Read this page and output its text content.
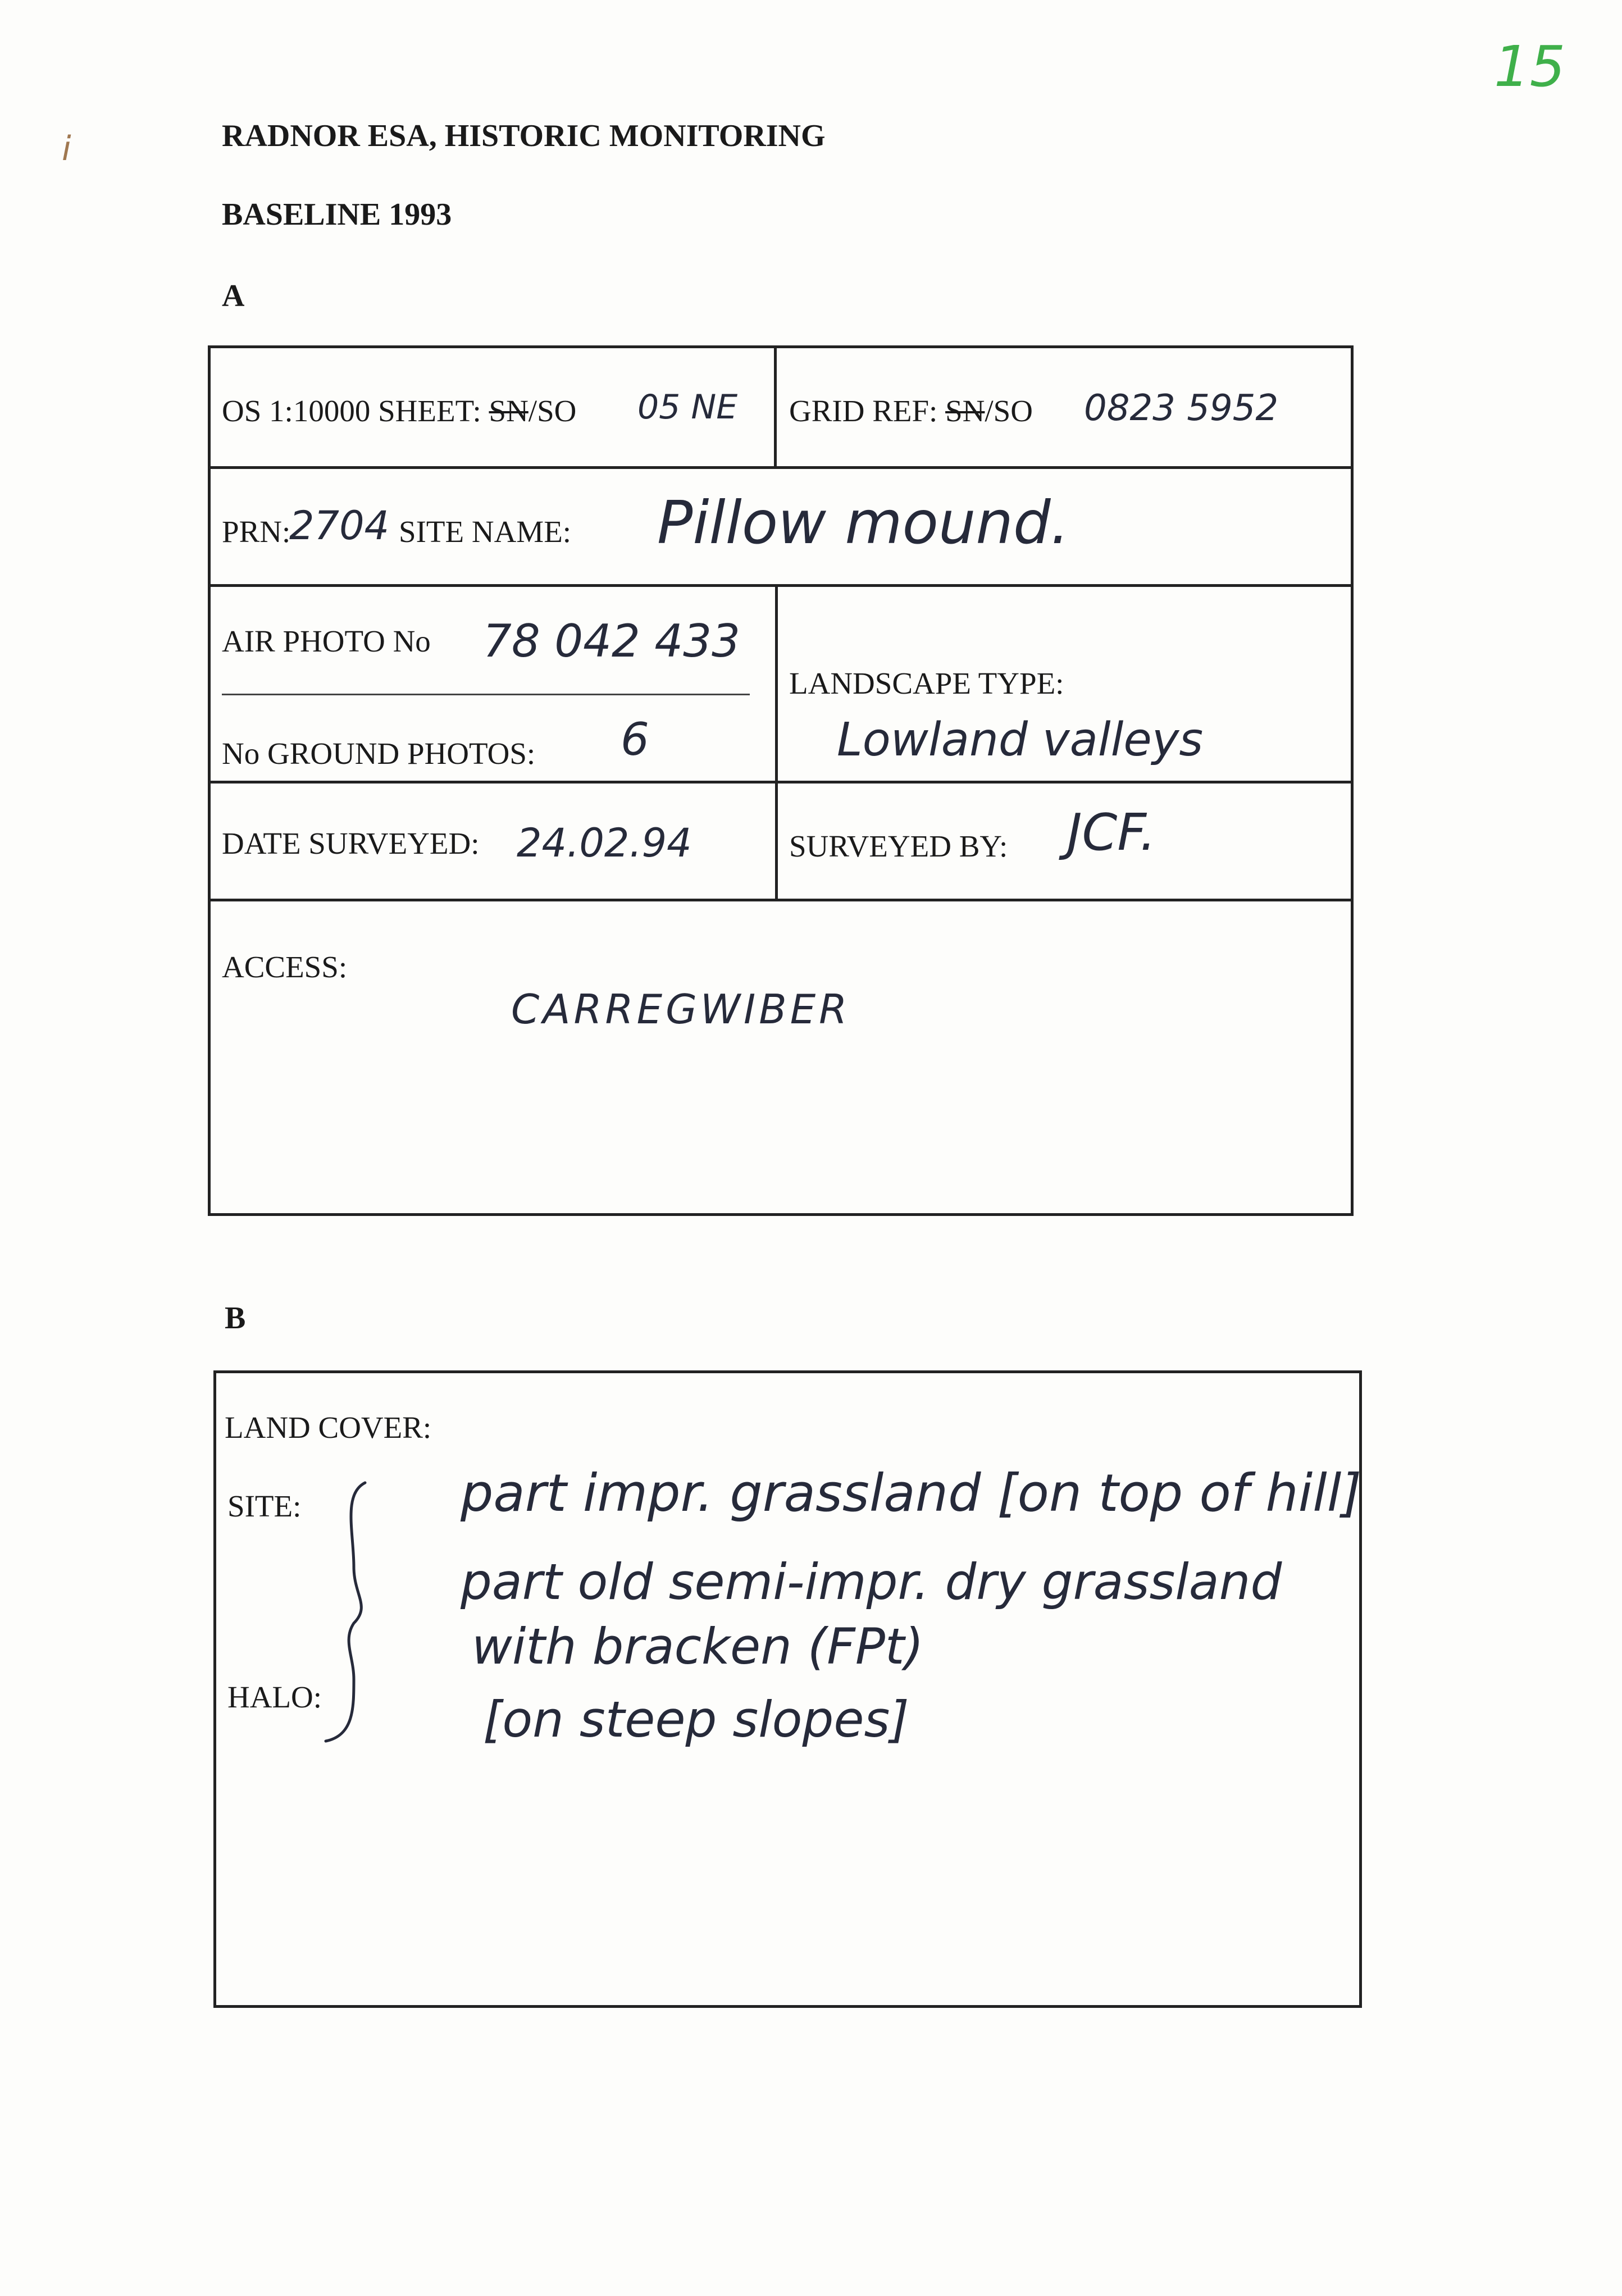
15
i	RADNOR ESA, HISTORIC MONITORING
BASELINE 1993
A
OS 1:10000 SHEET: SN/SO 05 NE GRID REF: SN/SO 0823 5952
PRN:
2704 SITE NAME: Pillow mound.
AIR PHOTO No 78 042 433
No GROUND PHOTOS: 6
LANDSCAPE TYPE:
Lowland valleys
DATE SURVEYED: 24.02.94	SURVEYED BY: JCF.
ACCESS:
CARREGWIBER
B
LAND COVER:
SITE:
HALO:
part impr. grassland [on top of hill]
part old semi-impr. dry grassland
with bracken (FPt)
[on steep slopes]
